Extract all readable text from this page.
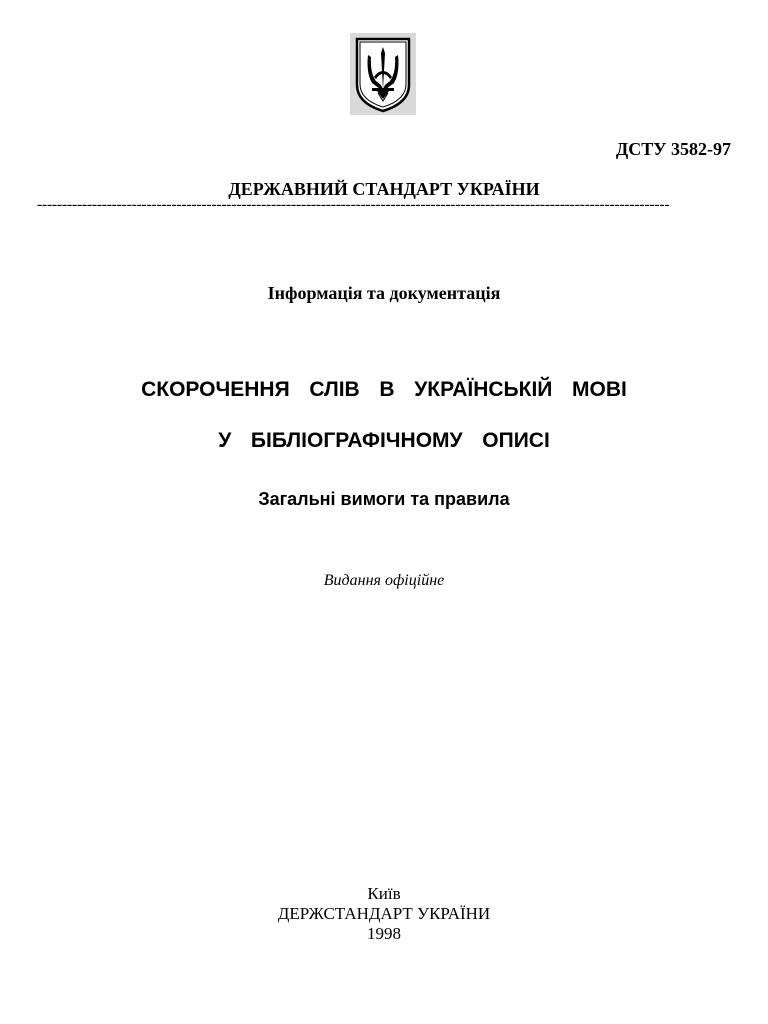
ДСТУ 3582-97
ДЕРЖАВНИЙ СТАНДАРТ УКРАЇНИ
-------------------------------------------------------------------------------------------------------------------------------
Інформація та документація
СКОРОЧЕННЯ  СЛІВ  В  УКРАЇНСЬКІЙ  МОВІ
У  БІБЛІОГРАФІЧНОМУ  ОПИСІ
Загальні вимоги та правила
Видання офіційне
Київ
ДЕРЖСТАНДАРТ УКРАЇНИ
1998
